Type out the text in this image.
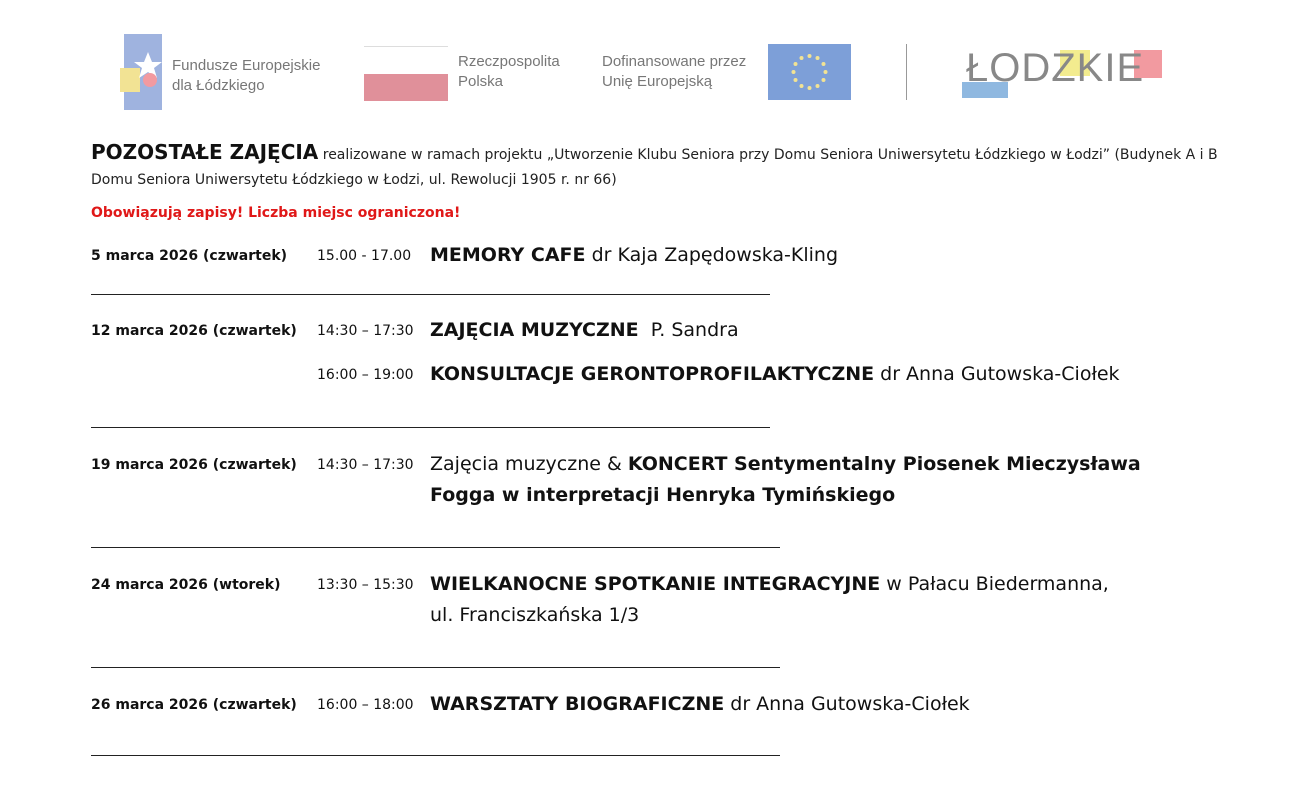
Fundusze Europejskie
dla Łódzkiego
Rzeczpospolita
Polska
Dofinansowane przez
Unię Europejską	ŁODZKIE
POZOSTAŁE ZAJĘCIA realizowane w ramach projektu „Utworzenie Klubu Seniora przy Domu Seniora Uniwersytetu Łódzkiego w Łodzi” (Budynek A i B Domu Seniora Uniwersytetu Łódzkiego w Łodzi, ul. Rewolucji 1905 r. nr 66)
Obowiązują zapisy! Liczba miejsc ograniczona!
5 marca 2026 (czwartek) 15.00 - 17.00 MEMORY CAFE dr Kaja Zapędowska-Kling
12 marca 2026 (czwartek) 14:30 – 17:30 ZAJĘCIA MUZYCZNE  P. Sandra
16:00 – 19:00 KONSULTACJE GERONTOPROFILAKTYCZNE dr Anna Gutowska-Ciołek
19 marca 2026 (czwartek) 14:30 – 17:30 Zajęcia muzyczne & KONCERT Sentymentalny Piosenek Mieczysława Fogga w interpretacji Henryka Tymińskiego
24 marca 2026 (wtorek)	13:30 – 15:30 WIELKANOCNE SPOTKANIE INTEGRACYJNE w Pałacu Biedermanna, ul. Franciszkańska 1/3
26 marca 2026 (czwartek) 16:00 – 18:00 WARSZTATY BIOGRAFICZNE dr Anna Gutowska-Ciołek
